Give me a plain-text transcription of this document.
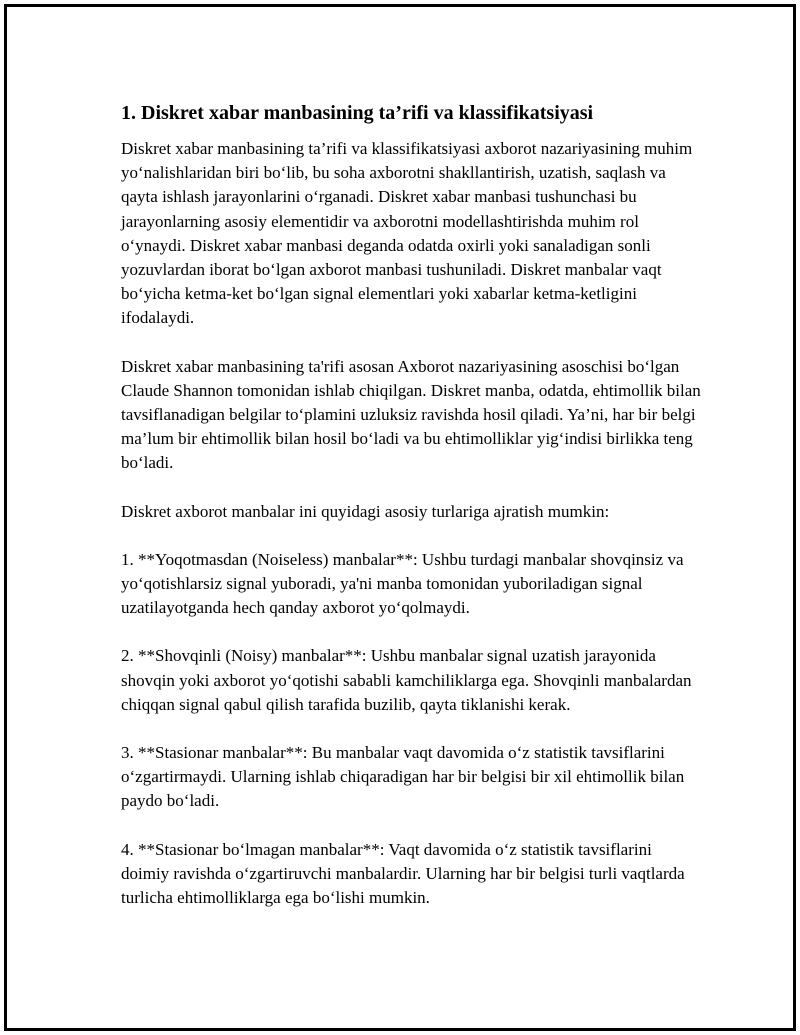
1. Diskret xabar manbasining ta’rifi va klassifikatsiyasi

Diskret xabar manbasining ta’rifi va klassifikatsiyasi axborot nazariyasining muhim yo‘nalishlaridan biri bo‘lib, bu soha axborotni shakllantirish, uzatish, saqlash va qayta ishlash jarayonlarini o‘rganadi. Diskret xabar manbasi tushunchasi bu jarayonlarning asosiy elementidir va axborotni modellashtirishda muhim rol o‘ynaydi. Diskret xabar manbasi deganda odatda oxirli yoki sanaladigan sonli yozuvlardan iborat bo‘lgan axborot manbasi tushuniladi. Diskret manbalar vaqt bo‘yicha ketma-ket bo‘lgan signal elementlari yoki xabarlar ketma-ketligini ifodalaydi.

Diskret xabar manbasining ta'rifi asosan Axborot nazariyasining asoschisi bo‘lgan Claude Shannon tomonidan ishlab chiqilgan. Diskret manba, odatda, ehtimollik bilan tavsiflanadigan belgilar to‘plamini uzluksiz ravishda hosil qiladi. Ya’ni, har bir belgi ma’lum bir ehtimollik bilan hosil bo‘ladi va bu ehtimolliklar yig‘indisi birlikka teng bo‘ladi.

Diskret axborot manbalar ini quyidagi asosiy turlariga ajratish mumkin:

1. **Yoqotmasdan (Noiseless) manbalar**: Ushbu turdagi manbalar shovqinsiz va yo‘qotishlarsiz signal yuboradi, ya'ni manba tomonidan yuboriladigan signal uzatilayotganda hech qanday axborot yo‘qolmaydi.

2. **Shovqinli (Noisy) manbalar**: Ushbu manbalar signal uzatish jarayonida shovqin yoki axborot yo‘qotishi sababli kamchiliklarga ega. Shovqinli manbalardan chiqqan signal qabul qilish tarafida buzilib, qayta tiklanishi kerak.

3. **Stasionar manbalar**: Bu manbalar vaqt davomida o‘z statistik tavsiflarini   o‘zgartirmaydi. Ularning ishlab chiqaradigan har bir belgisi bir xil ehtimollik bilan paydo bo‘ladi.

4. **Stasionar bo‘lmagan manbalar**: Vaqt davomida o‘z statistik tavsiflarini doimiy ravishda o‘zgartiruvchi manbalardir. Ularning har bir belgisi turli vaqtlarda turlicha ehtimolliklarga ega bo‘lishi mumkin.
